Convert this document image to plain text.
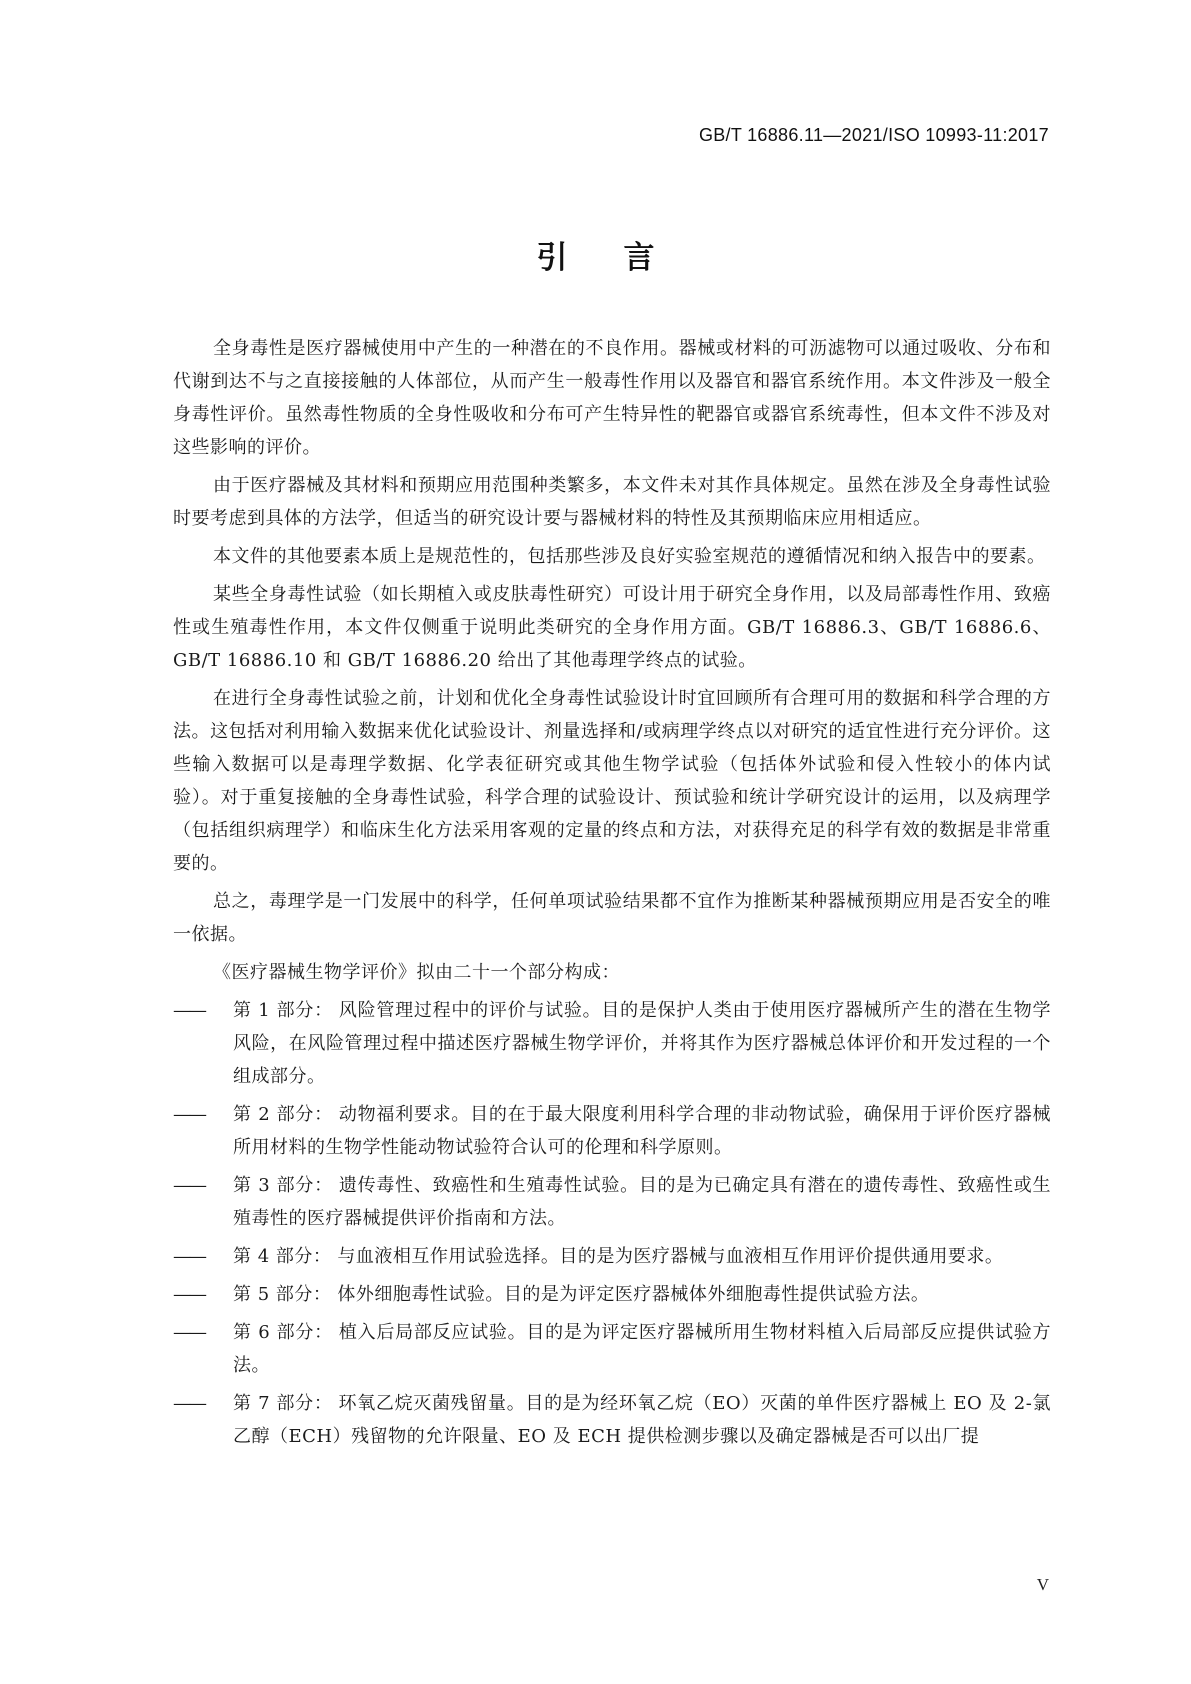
GB/T 16886.11—2021/ISO 10993-11:2017
引言

全身毒性是医疗器械使用中产生的一种潜在的不良作用。器械或材料的可沥滤物可以通过吸收、分布和代谢到达不与之直接接触的人体部位，从而产生一般毒性作用以及器官和器官系统作用。本文件涉及一般全身毒性评价。虽然毒性物质的全身性吸收和分布可产生特异性的靶器官或器官系统毒性，但本文件不涉及对这些影响的评价。

由于医疗器械及其材料和预期应用范围种类繁多，本文件未对其作具体规定。虽然在涉及全身毒性试验时要考虑到具体的方法学，但适当的研究设计要与器械材料的特性及其预期临床应用相适应。

本文件的其他要素本质上是规范性的，包括那些涉及良好实验室规范的遵循情况和纳入报告中的要素。

某些全身毒性试验（如长期植入或皮肤毒性研究）可设计用于研究全身作用，以及局部毒性作用、致癌性或生殖毒性作用，本文件仅侧重于说明此类研究的全身作用方面。GB/T 16886.3、GB/T 16886.6、GB/T 16886.10 和 GB/T 16886.20 给出了其他毒理学终点的试验。

在进行全身毒性试验之前，计划和优化全身毒性试验设计时宜回顾所有合理可用的数据和科学合理的方法。这包括对利用输入数据来优化试验设计、剂量选择和/或病理学终点以对研究的适宜性进行充分评价。这些输入数据可以是毒理学数据、化学表征研究或其他生物学试验（包括体外试验和侵入性较小的体内试验）。对于重复接触的全身毒性试验，科学合理的试验设计、预试验和统计学研究设计的运用，以及病理学（包括组织病理学）和临床生化方法采用客观的定量的终点和方法，对获得充足的科学有效的数据是非常重要的。

总之，毒理学是一门发展中的科学，任何单项试验结果都不宜作为推断某种器械预期应用是否安全的唯一依据。

《医疗器械生物学评价》拟由二十一个部分构成：

——	第 1 部分： 风险管理过程中的评价与试验。目的是保护人类由于使用医疗器械所产生的潜在生物学风险，在风险管理过程中描述医疗器械生物学评价，并将其作为医疗器械总体评价和开发过程的一个组成部分。
——	第 2 部分： 动物福利要求。目的在于最大限度利用科学合理的非动物试验，确保用于评价医疗器械所用材料的生物学性能动物试验符合认可的伦理和科学原则。
——	第 3 部分： 遗传毒性、致癌性和生殖毒性试验。目的是为已确定具有潜在的遗传毒性、致癌性或生殖毒性的医疗器械提供评价指南和方法。
——	第 4 部分： 与血液相互作用试验选择。目的是为医疗器械与血液相互作用评价提供通用要求。
——	第 5 部分： 体外细胞毒性试验。目的是为评定医疗器械体外细胞毒性提供试验方法。
——	第 6 部分： 植入后局部反应试验。目的是为评定医疗器械所用生物材料植入后局部反应提供试验方法。
——	第 7 部分： 环氧乙烷灭菌残留量。目的是为经环氧乙烷（EO）灭菌的单件医疗器械上 EO 及 2-氯乙醇（ECH）残留物的允许限量、EO 及 ECH 提供检测步骤以及确定器械是否可以出厂提
V
